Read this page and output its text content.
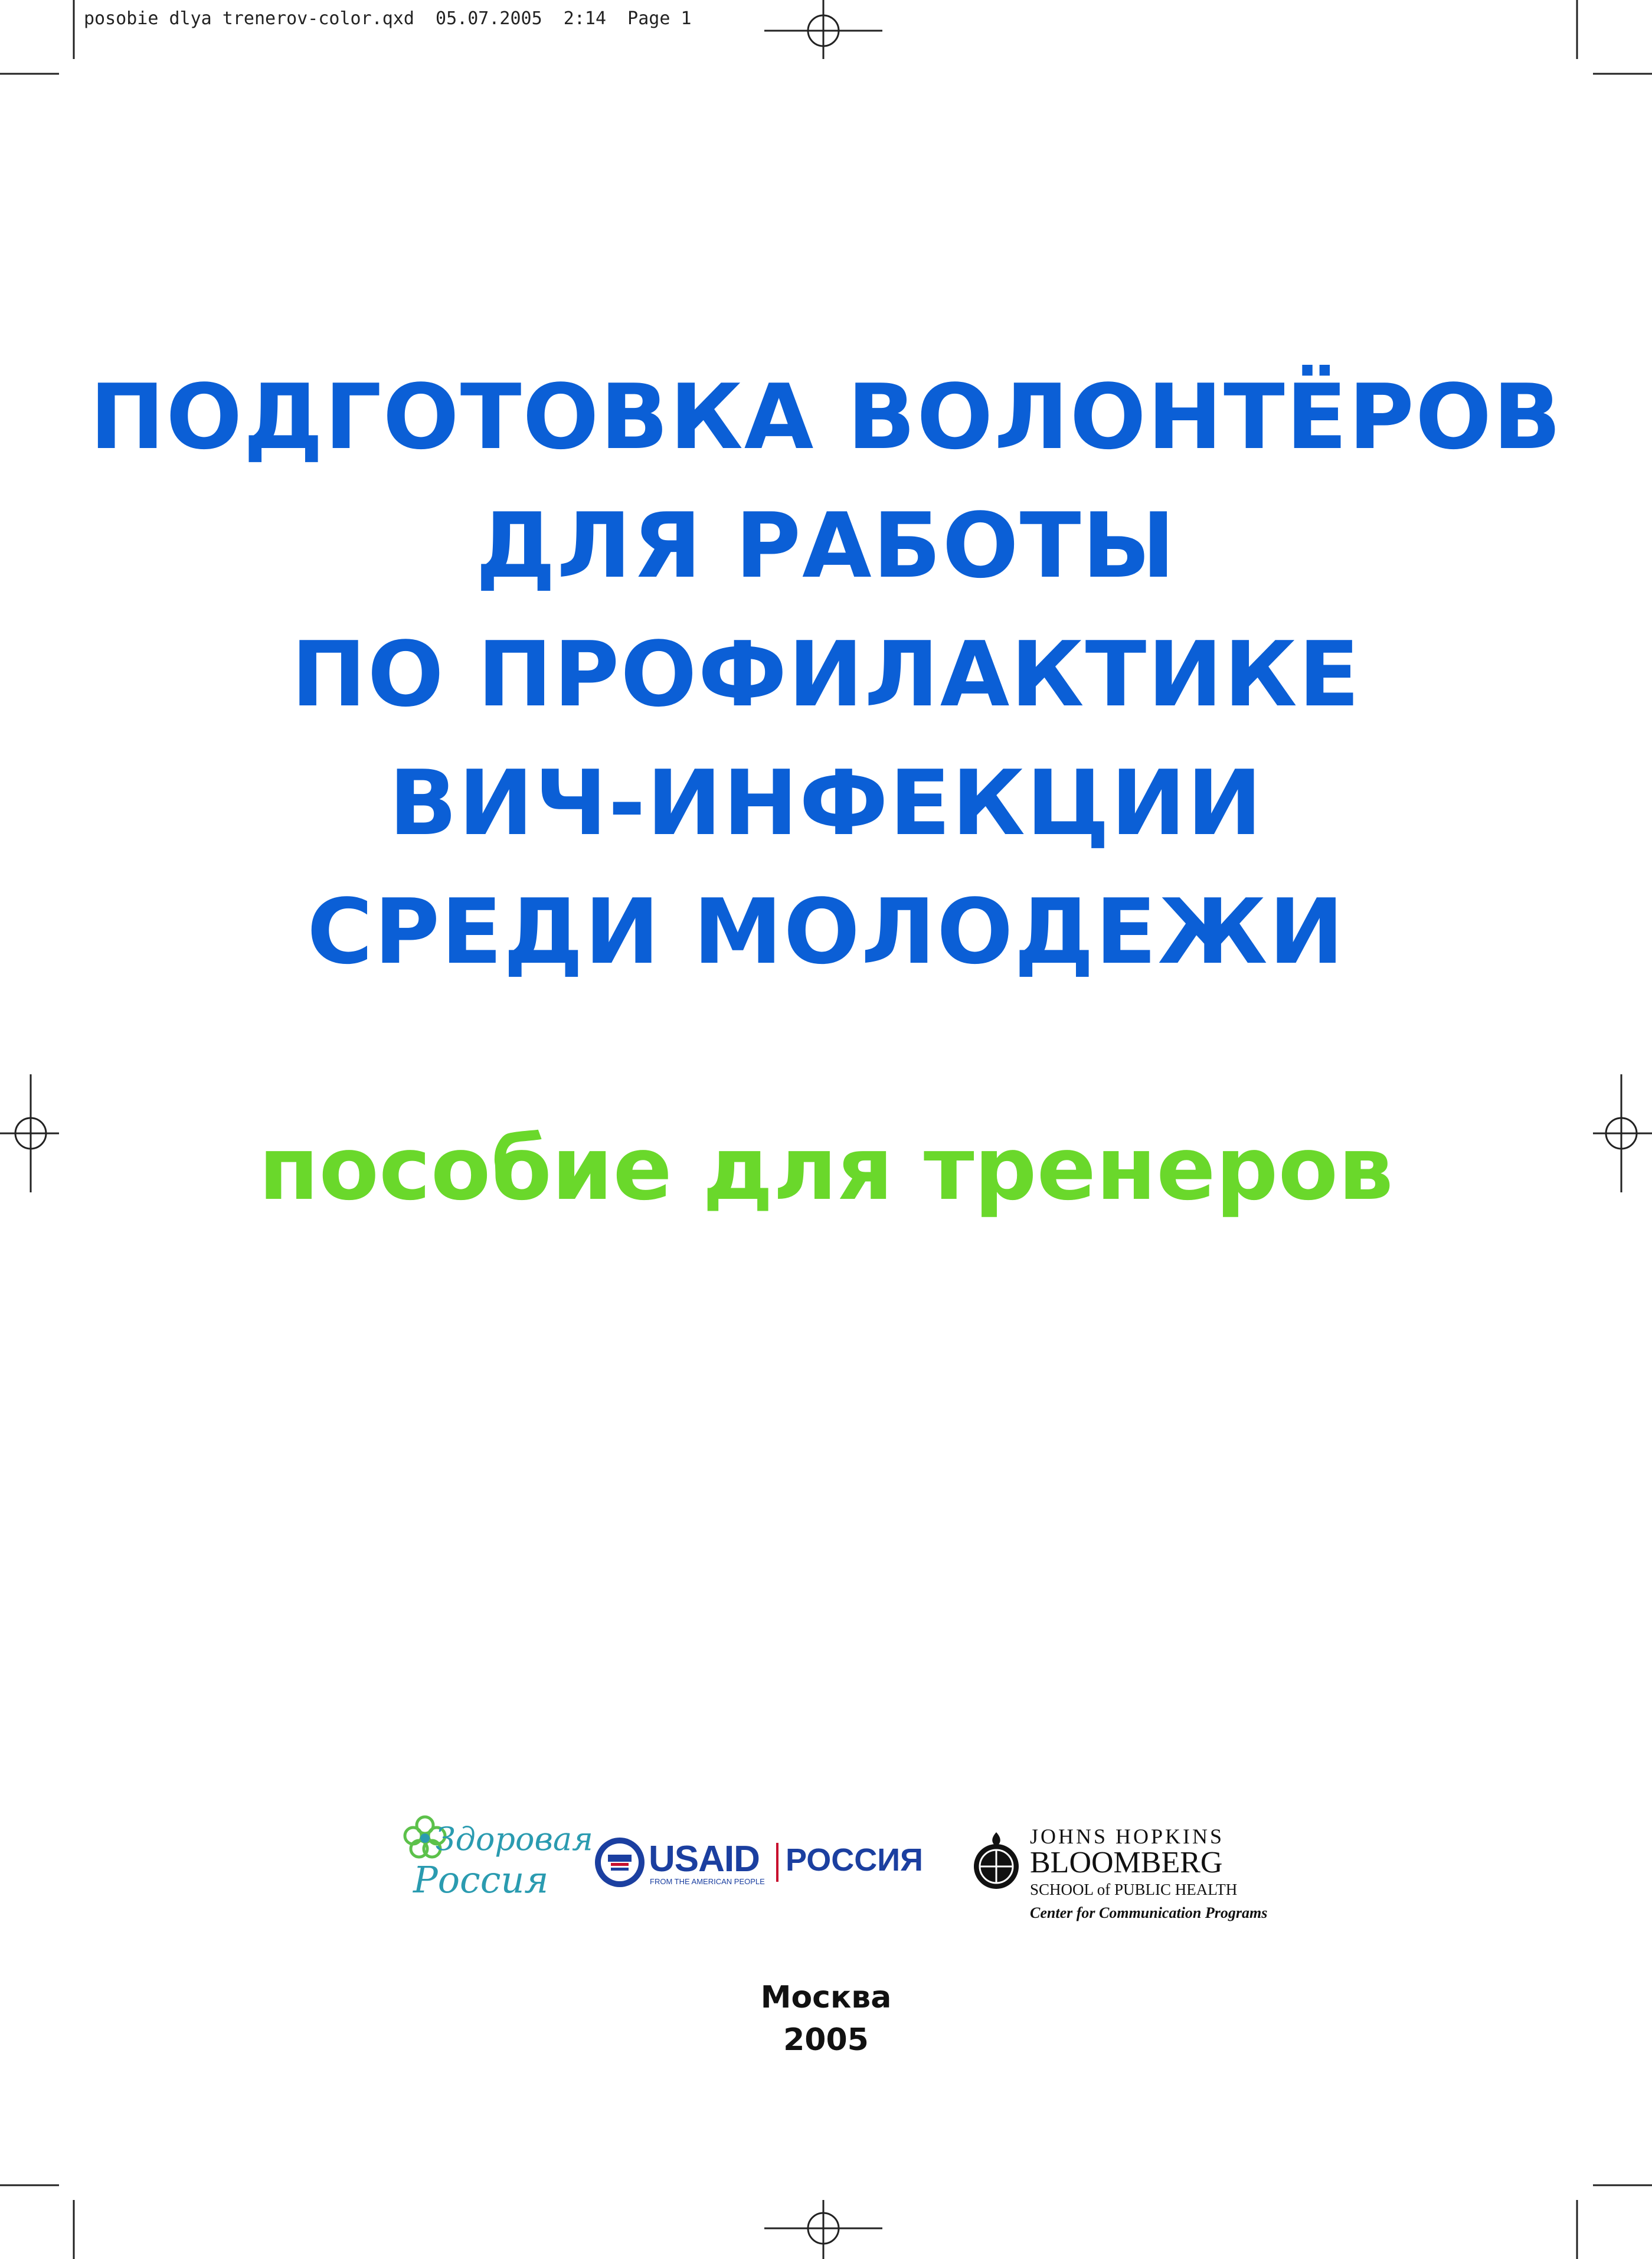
posobie dlya trenerov-color.qxd  05.07.2005  2:14  Page 1
ПОДГОТОВКА ВОЛОНТЁРОВ
ДЛЯ РАБОТЫ
ПО ПРОФИЛАКТИКЕ
ВИЧ-ИНФЕКЦИИ
СРЕДИ МОЛОДЕЖИ
пособие для тренеров
Здоровая
Россия	USAID
FROM THE AMERICAN PEOPLE
РОССИЯ
JOHNS HOPKINS
BLOOMBERG
SCHOOL of PUBLIC HEALTH
Center for Communication Programs
Москва
2005
